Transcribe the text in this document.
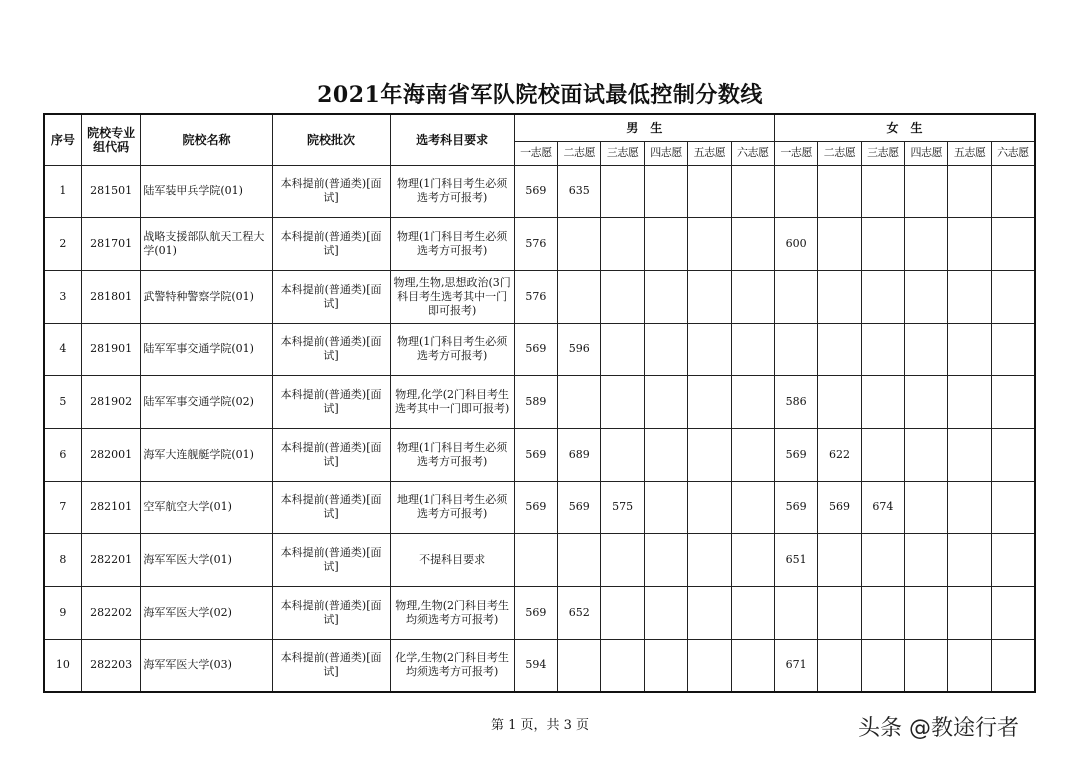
2021年海南省军队院校面试最低控制分数线
序号	院校专业组代码	院校名称	院校批次	选考科目要求	男　生						女　生					
					一志愿	二志愿	三志愿	四志愿	五志愿	六志愿	一志愿	二志愿	三志愿	四志愿	五志愿	六志愿
1	281501	陆军装甲兵学院(01)	本科提前(普通类)[面试]	物理(1门科目考生必须选考方可报考)	569	635										
2	281701	战略支援部队航天工程大学(01)	本科提前(普通类)[面试]	物理(1门科目考生必须选考方可报考)	576						600					
3	281801	武警特种警察学院(01)	本科提前(普通类)[面试]	物理,生物,思想政治(3门科目考生选考其中一门即可报考)	576											
4	281901	陆军军事交通学院(01)	本科提前(普通类)[面试]	物理(1门科目考生必须选考方可报考)	569	596										
5	281902	陆军军事交通学院(02)	本科提前(普通类)[面试]	物理,化学(2门科目考生选考其中一门即可报考)	589						586					
6	282001	海军大连舰艇学院(01)	本科提前(普通类)[面试]	物理(1门科目考生必须选考方可报考)	569	689					569	622				
7	282101	空军航空大学(01)	本科提前(普通类)[面试]	地理(1门科目考生必须选考方可报考)	569	569	575				569	569	674			
8	282201	海军军医大学(01)	本科提前(普通类)[面试]	不提科目要求							651					
9	282202	海军军医大学(02)	本科提前(普通类)[面试]	物理,生物(2门科目考生均须选考方可报考)	569	652										
10	282203	海军军医大学(03)	本科提前(普通类)[面试]	化学,生物(2门科目考生均须选考方可报考)	594						671					
第 1 页，共 3 页	头条 @教途行者
